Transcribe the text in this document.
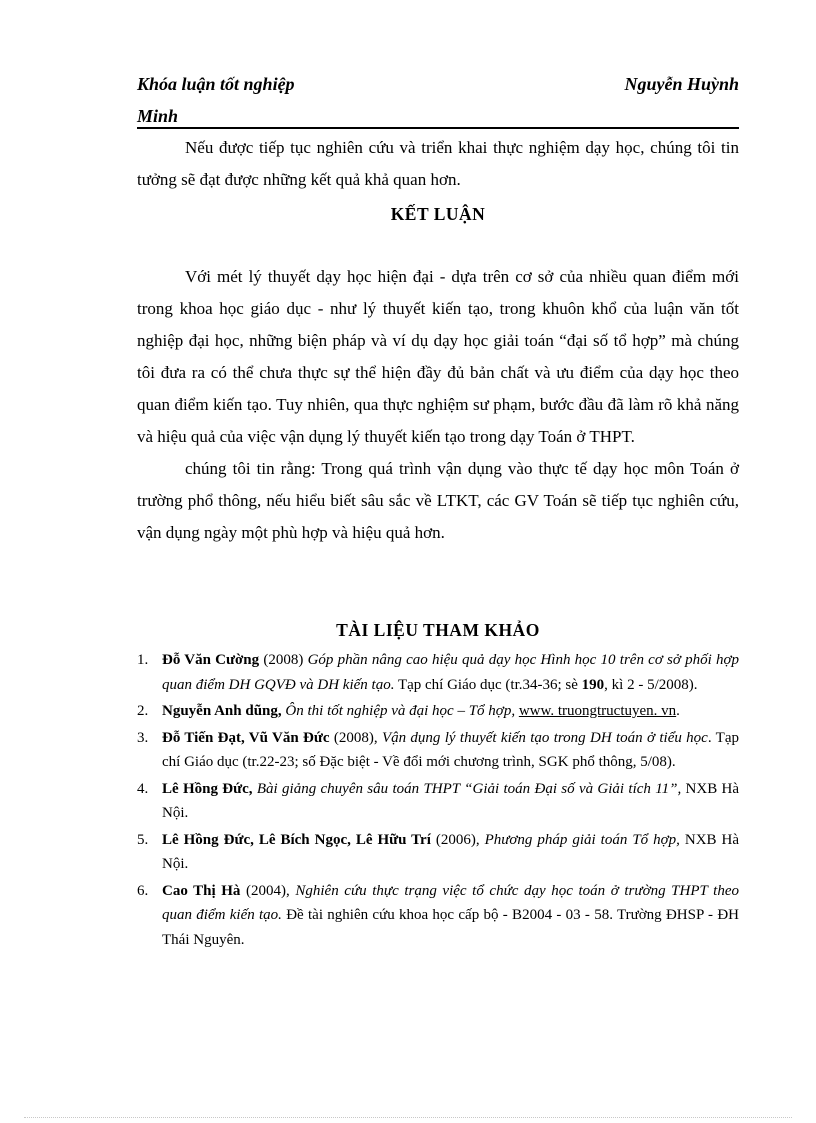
Nguyễn Huỳnh
Khóa luận tốt nghiệp
Minh

Nếu được tiếp tục nghiên cứu và triển khai thực nghiệm dạy học, chúng tôi tin tưởng sẽ đạt được những kết quả khả quan hơn.

KẾT LUẬN

Với mét lý thuyết dạy học hiện đại - dựa trên cơ sở của nhiều quan điểm mới trong khoa học giáo dục - như lý thuyết kiến tạo, trong khuôn khổ của luận văn tốt nghiệp đại học, những biện pháp và ví dụ dạy học giải toán “đại số tổ hợp” mà chúng tôi đưa ra có thể chưa thực sự thể hiện đầy đủ bản chất và ưu điểm của dạy học theo quan điểm kiến tạo. Tuy nhiên, qua thực nghiệm sư phạm, bước đầu đã làm rõ khả năng và hiệu quả của việc vận dụng lý thuyết kiến tạo trong dạy Toán ở THPT.

chúng tôi tin rằng: Trong quá trình vận dụng vào thực tế dạy học môn Toán ở trường phổ thông, nếu hiểu biết sâu sắc về LTKT, các GV Toán sẽ tiếp tục nghiên cứu, vận dụng ngày một phù hợp và hiệu quả hơn.

TÀI LIỆU THAM KHẢO
1. Đỗ Văn Cường (2008) Góp phần nâng cao hiệu quả dạy học Hình học 10 trên cơ sở phối hợp quan điểm DH GQVĐ và DH kiến tạo. Tạp chí Giáo dục (tr.34-36; sè 190, kì 2 - 5/2008).
2. Nguyễn Anh dũng, Ôn thi tốt nghiệp và đại học – Tổ hợp, www. truongtructuyen. vn.
3. Đỗ Tiến Đạt, Vũ Văn Đức (2008), Vận dụng lý thuyết kiến tạo trong DH toán ở tiểu học. Tạp chí Giáo dục (tr.22-23; số Đặc biệt - Về đổi mới chương trình, SGK phổ thông, 5/08).
4. Lê Hồng Đức, Bài giảng chuyên sâu toán THPT “Giải toán Đại số và Giải tích 11”, NXB Hà Nội.
5. Lê Hồng Đức, Lê Bích Ngọc, Lê Hữu Trí (2006), Phương pháp giải toán Tổ hợp, NXB Hà Nội.
6. Cao Thị Hà (2004), Nghiên cứu thực trạng việc tổ chức dạy học toán ở trường THPT theo quan điểm kiến tạo. Đề tài nghiên cứu khoa học cấp bộ - B2004 - 03 - 58. Trường ĐHSP - ĐH Thái Nguyên.
